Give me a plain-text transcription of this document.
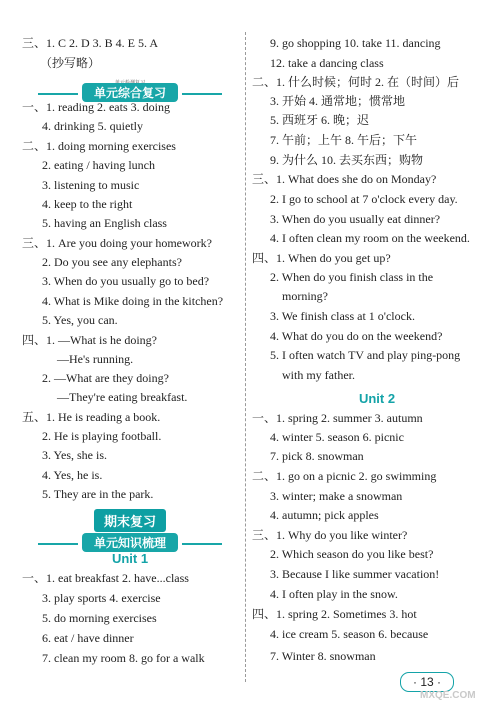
三、1. C 2. D 3. B 4. E 5. A
（抄写略）
单元综合复习
一、1. reading 2. eats 3. doing
4. drinking 5. quietly
二、1. doing morning exercises
2. eating / having lunch
3. listening to music
4. keep to the right
5. having an English class
三、1. Are you doing your homework?
2. Do you see any elephants?
3. When do you usually go to bed?
4. What is Mike doing in the kitchen?
5. Yes, you can.
四、1. —What is he doing?
—He's running.
2. —What are they doing?
—They're eating breakfast.
五、1. He is reading a book.
2. He is playing football.
3. Yes, she is.
4. Yes, he is.
5. They are in the park.
期末复习
单元知识梳理
Unit 1
一、1. eat breakfast 2. have...class
3. play sports 4. exercise
5. do morning exercises
6. eat / have dinner
7. clean my room 8. go for a walk
9. go shopping 10. take 11. dancing
12. take a dancing class
二、1. 什么时候；何时 2. 在（时间）后
3. 开始 4. 通常地；惯常地
5. 西班牙 6. 晚；迟
7. 午前；上午 8. 午后；下午
9. 为什么 10. 去买东西；购物
三、1. What does she do on Monday?
2. I go to school at 7 o'clock every day.
3. When do you usually eat dinner?
4. I often clean my room on the weekend.
四、1. When do you get up?
2. When do you finish class in the
morning?
3. We finish class at 1 o'clock.
4. What do you do on the weekend?
5. I often watch TV and play ping-pong
with my father.
Unit 2
一、1. spring 2. summer 3. autumn
4. winter 5. season 6. picnic
7. pick 8. snowman
二、1. go on a picnic 2. go swimming
3. winter; make a snowman
4. autumn; pick apples
三、1. Why do you like winter?
2. Which season do you like best?
3. Because I like summer vacation!
4. I often play in the snow.
四、1. spring 2. Sometimes 3. hot
4. ice cream 5. season 6. because
7. Winter 8. snowman
· 13 ·
MXQE.COM
